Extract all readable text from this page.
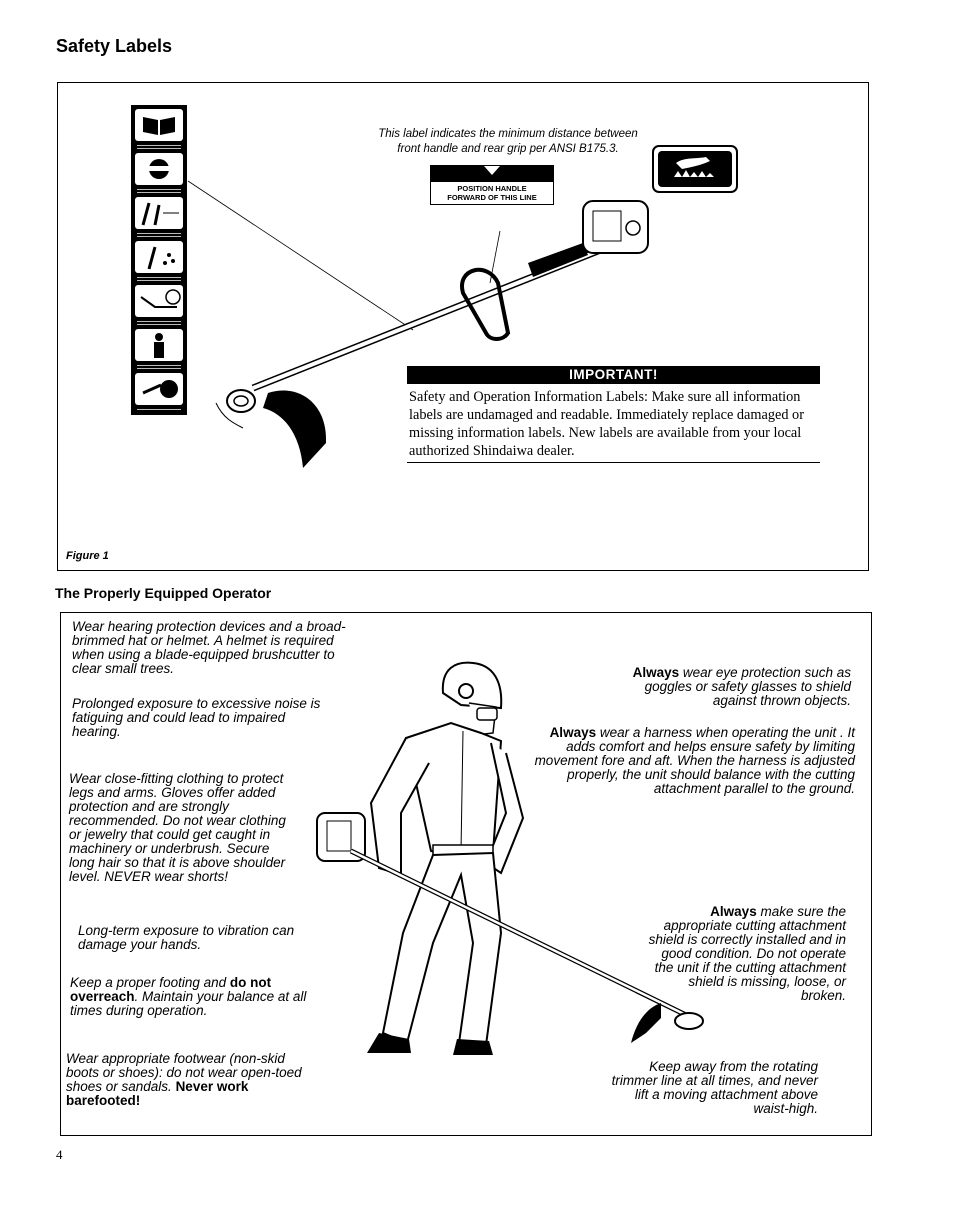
Safety Labels
This label indicates the minimum distance between
front handle and rear grip per ANSI B175.3.
POSITION HANDLE
FORWARD OF THIS LINE
IMPORTANT!
Safety and Operation Information Labels: Make sure all information labels are undamaged and readable. Immediately replace damaged or missing information labels. New labels are available from your local authorized Shindaiwa dealer.
Figure 1
The Properly Equipped Operator
Wear hearing protection devices and a broad-brimmed hat or helmet. A helmet is required when using a blade-equipped brushcutter to clear small trees.
Prolonged exposure to excessive noise is fatiguing and could lead to impaired hearing.
Wear close-fitting clothing to protect legs and arms. Gloves offer added protection and are strongly recommended. Do not wear clothing or jewelry that could get caught in machinery or underbrush. Secure long hair so that it is above shoulder level. NEVER wear shorts!
Long-term exposure to vibration can damage your hands.
Keep a proper footing and do not overreach. Maintain your balance at all times during operation.
Wear appropriate footwear (non-skid boots or shoes): do not wear open-toed shoes or sandals. Never work barefooted!
Always wear eye protection such as goggles or safety glasses to shield against thrown objects.
Always wear a harness when operating the unit . It adds comfort and helps ensure safety by limiting movement fore and aft. When the harness is adjusted properly, the unit should balance with the cutting attachment parallel to the ground.
Always make sure the appropriate cutting attachment shield is correctly installed and in good condition. Do not operate the unit if the cutting attachment shield is missing, loose, or broken.
Keep away from the rotating trimmer line at all times, and never lift a moving attachment above waist-high.
4
